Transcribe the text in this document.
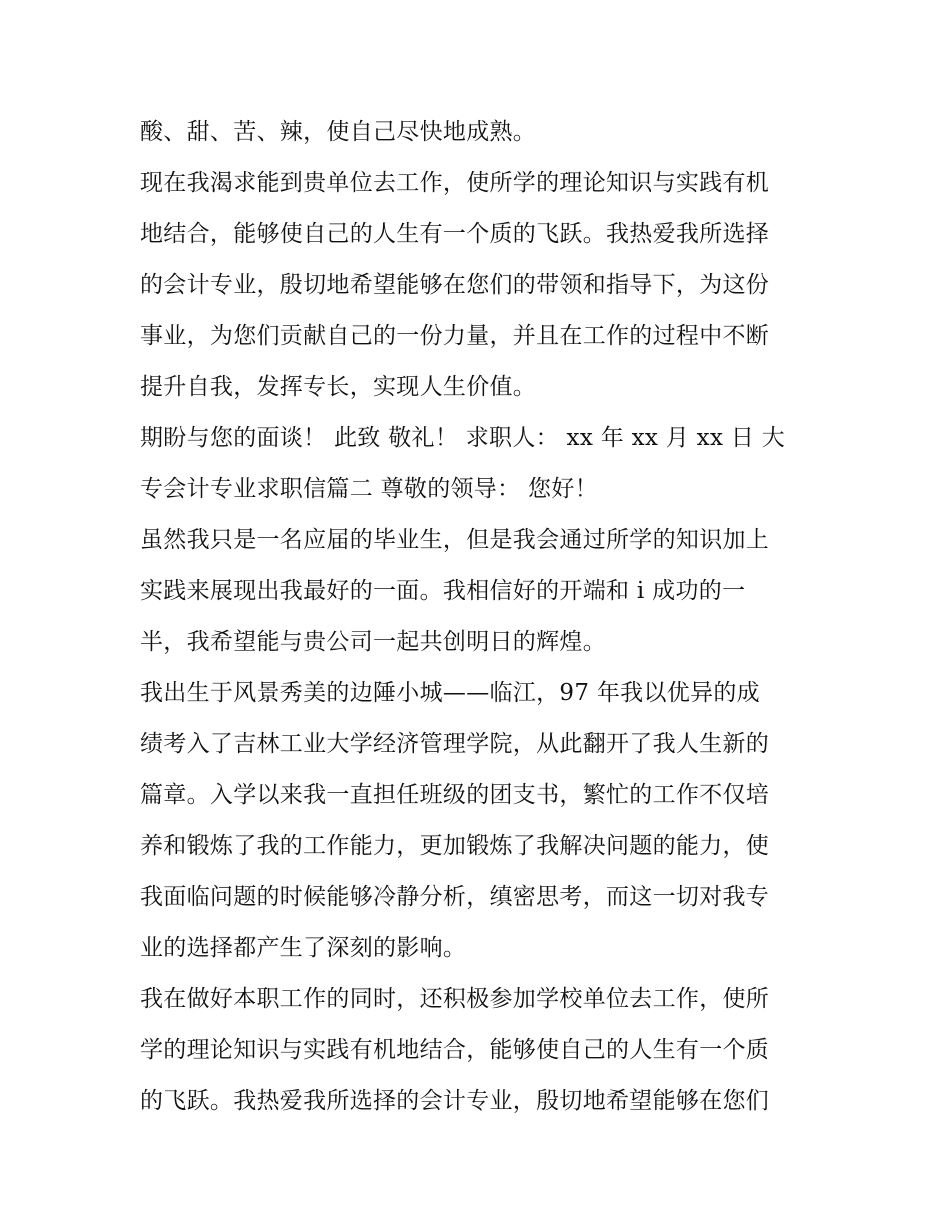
酸、甜、苦、辣，使自己尽快地成熟。
现在我渴求能到贵单位去工作，使所学的理论知识与实践有机
地结合，能够使自己的人生有一个质的飞跃。我热爱我所选择
的会计专业，殷切地希望能够在您们的带领和指导下，为这份
事业，为您们贡献自己的一份力量，并且在工作的过程中不断
提升自我，发挥专长，实现人生价值。
期盼与您的面谈！ 此致 敬礼！ 求职人： xx 年 xx 月 xx 日 大
专会计专业求职信篇二 尊敬的领导： 您好！
虽然我只是一名应届的毕业生，但是我会通过所学的知识加上
实践来展现出我最好的一面。我相信好的开端和 i 成功的一
半，我希望能与贵公司一起共创明日的辉煌。
我出生于风景秀美的边陲小城——临江，97 年我以优异的成
绩考入了吉林工业大学经济管理学院，从此翻开了我人生新的
篇章。入学以来我一直担任班级的团支书，繁忙的工作不仅培
养和锻炼了我的工作能力，更加锻炼了我解决问题的能力，使
我面临问题的时候能够冷静分析，缜密思考，而这一切对我专
业的选择都产生了深刻的影响。
我在做好本职工作的同时，还积极参加学校单位去工作，使所
学的理论知识与实践有机地结合，能够使自己的人生有一个质
的飞跃。我热爱我所选择的会计专业，殷切地希望能够在您们
